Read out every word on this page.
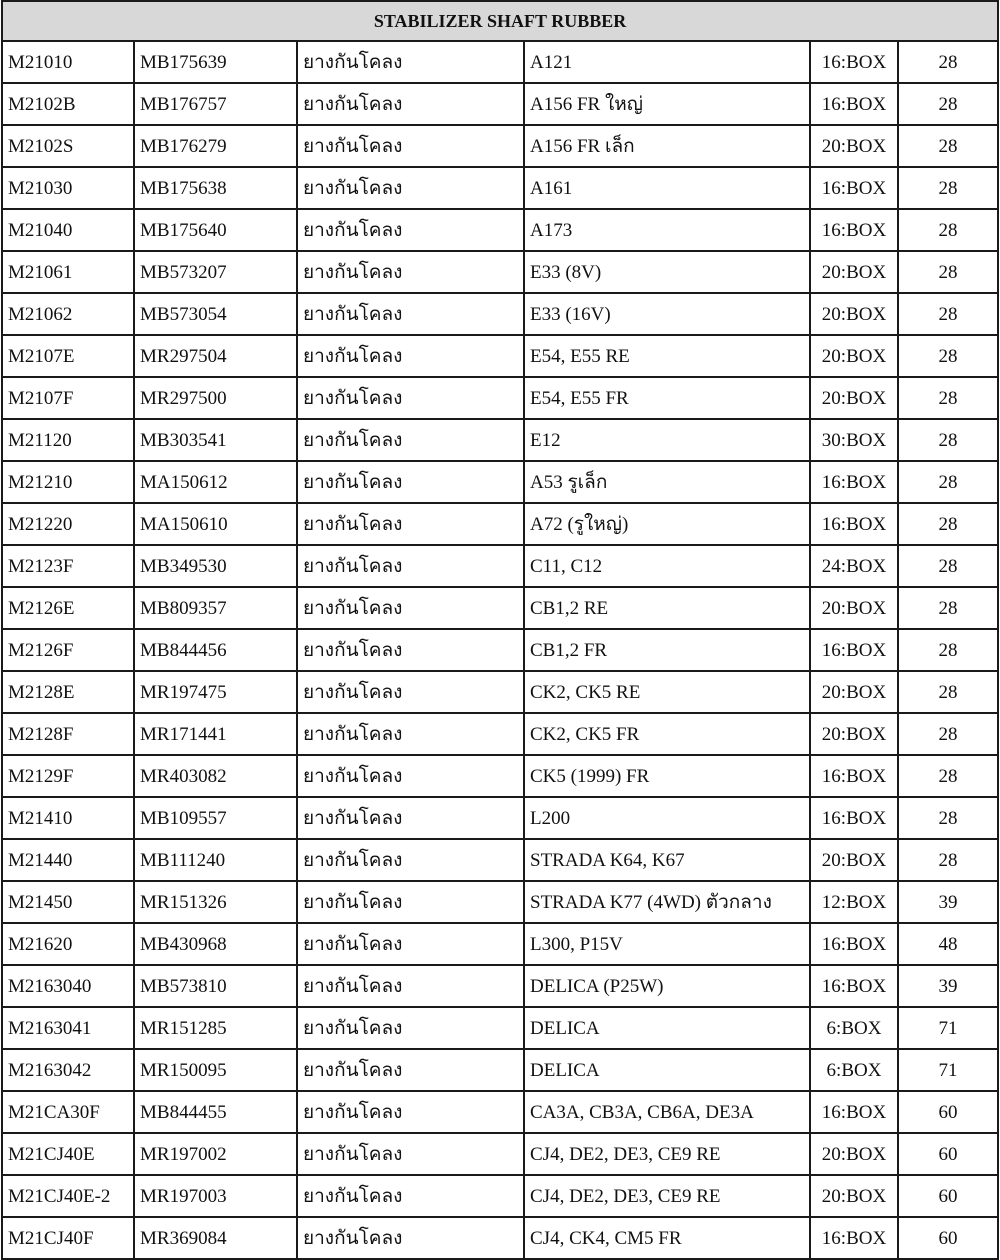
STABILIZER SHAFT RUBBER					
M21010	MB175639	ยางกันโคลง	A121	16:BOX	28
M2102B	MB176757	ยางกันโคลง	A156 FR ใหญ่	16:BOX	28
M2102S	MB176279	ยางกันโคลง	A156 FR เล็ก	20:BOX	28
M21030	MB175638	ยางกันโคลง	A161	16:BOX	28
M21040	MB175640	ยางกันโคลง	A173	16:BOX	28
M21061	MB573207	ยางกันโคลง	E33 (8V)	20:BOX	28
M21062	MB573054	ยางกันโคลง	E33 (16V)	20:BOX	28
M2107E	MR297504	ยางกันโคลง	E54, E55 RE	20:BOX	28
M2107F	MR297500	ยางกันโคลง	E54, E55 FR	20:BOX	28
M21120	MB303541	ยางกันโคลง	E12	30:BOX	28
M21210	MA150612	ยางกันโคลง	A53 รูเล็ก	16:BOX	28
M21220	MA150610	ยางกันโคลง	A72 (รูใหญ่)	16:BOX	28
M2123F	MB349530	ยางกันโคลง	C11, C12	24:BOX	28
M2126E	MB809357	ยางกันโคลง	CB1,2 RE	20:BOX	28
M2126F	MB844456	ยางกันโคลง	CB1,2 FR	16:BOX	28
M2128E	MR197475	ยางกันโคลง	CK2, CK5 RE	20:BOX	28
M2128F	MR171441	ยางกันโคลง	CK2, CK5 FR	20:BOX	28
M2129F	MR403082	ยางกันโคลง	CK5 (1999) FR	16:BOX	28
M21410	MB109557	ยางกันโคลง	L200	16:BOX	28
M21440	MB111240	ยางกันโคลง	STRADA K64, K67	20:BOX	28
M21450	MR151326	ยางกันโคลง	STRADA K77 (4WD) ตัวกลาง	12:BOX	39
M21620	MB430968	ยางกันโคลง	L300, P15V	16:BOX	48
M2163040	MB573810	ยางกันโคลง	DELICA (P25W)	16:BOX	39
M2163041	MR151285	ยางกันโคลง	DELICA	6:BOX	71
M2163042	MR150095	ยางกันโคลง	DELICA	6:BOX	71
M21CA30F	MB844455	ยางกันโคลง	CA3A, CB3A, CB6A, DE3A	16:BOX	60
M21CJ40E	MR197002	ยางกันโคลง	CJ4, DE2, DE3, CE9 RE	20:BOX	60
M21CJ40E-2	MR197003	ยางกันโคลง	CJ4, DE2, DE3, CE9 RE	20:BOX	60
M21CJ40F	MR369084	ยางกันโคลง	CJ4, CK4, CM5 FR	16:BOX	60
